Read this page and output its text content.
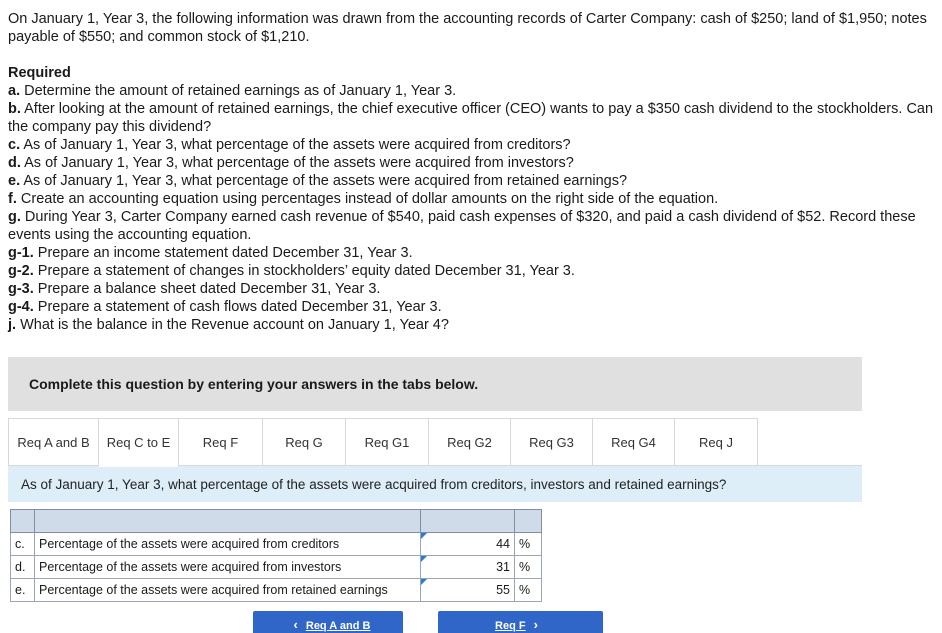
On January 1, Year 3, the following information was drawn from the accounting records of Carter Company: cash of $250; land of $1,950; notes payable of $550; and common stock of $1,210.

Required

a. Determine the amount of retained earnings as of January 1, Year 3.

b. After looking at the amount of retained earnings, the chief executive officer (CEO) wants to pay a $350 cash dividend to the stockholders. Can the company pay this dividend?

c. As of January 1, Year 3, what percentage of the assets were acquired from creditors?

d. As of January 1, Year 3, what percentage of the assets were acquired from investors?

e. As of January 1, Year 3, what percentage of the assets were acquired from retained earnings?

f. Create an accounting equation using percentages instead of dollar amounts on the right side of the equation.

g. During Year 3, Carter Company earned cash revenue of $540, paid cash expenses of $320, and paid a cash dividend of $52. Record these events using the accounting equation.

g-1. Prepare an income statement dated December 31, Year 3.

g-2. Prepare a statement of changes in stockholders’ equity dated December 31, Year 3.

g-3. Prepare a balance sheet dated December 31, Year 3.

g-4. Prepare a statement of cash flows dated December 31, Year 3.

j. What is the balance in the Revenue account on January 1, Year 4?

Complete this question by entering your answers in the tabs below.
Req A and B	Req C to E	Req F	Req G	Req G1	Req G2	Req G3	Req G4	Req J
As of January 1, Year 3, what percentage of the assets were acquired from creditors, investors and retained earnings?

c.	Percentage of the assets were acquired from creditors	44	%
d.	Percentage of the assets were acquired from investors	31	%
e.	Percentage of the assets were acquired from retained earnings	55	%
‹ Req A and B	Req F ›
